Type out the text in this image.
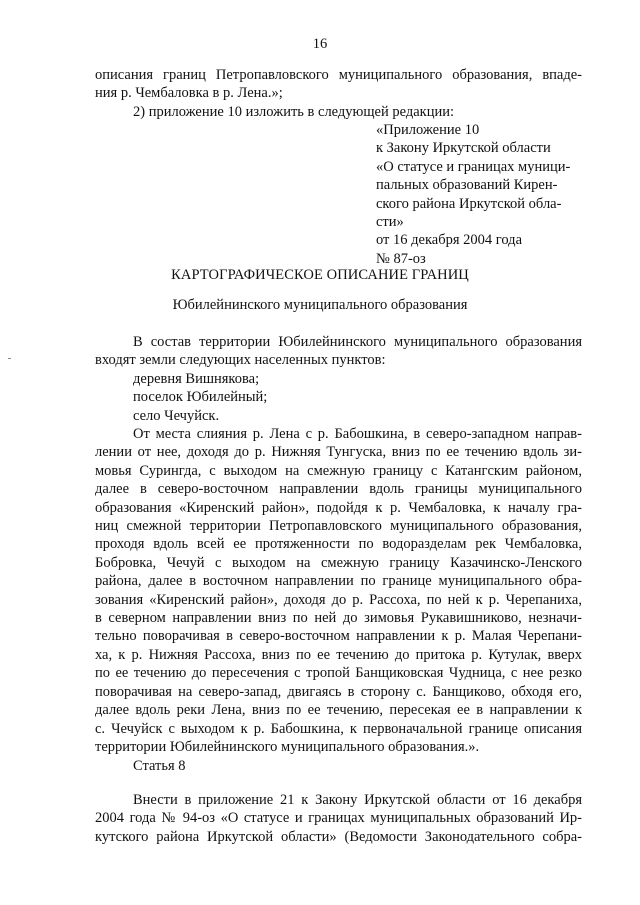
16
описания границ Петропавловского муниципального образования, впаде-
ния р. Чембаловка в р. Лена.»;
2) приложение 10 изложить в следующей редакции:
«Приложение 10
к Закону Иркутской области
«О статусе и границах муници-
пальных образований Кирен-
ского района Иркутской обла-
сти»
от 16 декабря 2004 года
№ 87-оз
КАРТОГРАФИЧЕСКОЕ ОПИСАНИЕ ГРАНИЦ
Юбилейнинского муниципального образования
В состав территории Юбилейнинского муниципального образования
входят земли следующих населенных пунктов:
деревня Вишнякова;
поселок Юбилейный;
село Чечуйск.
От места слияния р. Лена с р. Бабошкина, в северо-западном направ-
лении от нее, доходя до р. Нижняя Тунгуска, вниз по ее течению вдоль зи-
мовья Сурингда, с выходом на смежную границу с Катангским районом,
далее в северо-восточном направлении вдоль границы муниципального
образования «Киренский район», подойдя к р. Чембаловка, к началу гра-
ниц смежной территории Петропавловского муниципального образования,
проходя вдоль всей ее протяженности по водоразделам рек Чембаловка,
Бобровка, Чечуй с выходом на смежную границу Казачинско-Ленского
района, далее в восточном направлении по границе муниципального обра-
зования «Киренский район», доходя до р. Рассоха, по ней к р. Черепаниха,
в северном направлении вниз по ней до зимовья Рукавишниково, незначи-
тельно поворачивая в северо-восточном направлении к р. Малая Черепани-
ха, к р. Нижняя Рассоха, вниз по ее течению до притока р. Кутулак, вверх
по ее течению до пересечения с тропой Банщиковская Чудница, с нее резко
поворачивая на северо-запад, двигаясь в сторону с. Банщиково, обходя его,
далее вдоль реки Лена, вниз по ее течению, пересекая ее в направлении к
с. Чечуйск с выходом к р. Бабошкина, к первоначальной границе описания
территории Юбилейнинского муниципального образования.».
Статья 8
Внести в приложение 21 к Закону Иркутской области от 16 декабря
2004 года № 94-оз «О статусе и границах муниципальных образований Ир-
кутского района Иркутской области» (Ведомости Законодательного собра-
